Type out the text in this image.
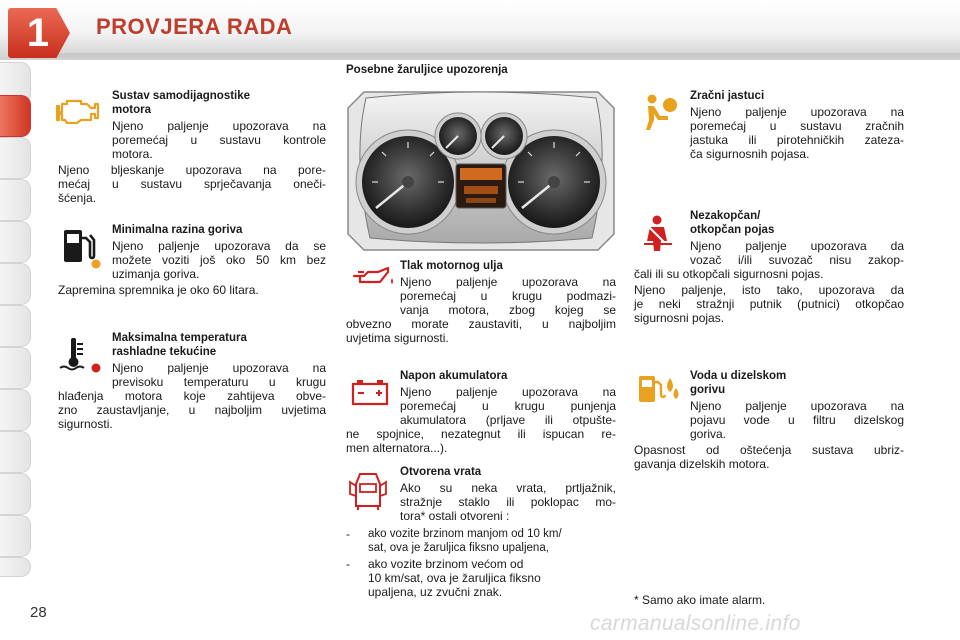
1	PROVJERA RADA
Sustav samodijagnostike
motora
Njeno paljenje upozorava na
poremećaj u sustavu kontrole
motora.
Njeno bljeskanje upozorava na pore-
mećaj u sustavu sprječavanja oneči-
šćenja.
Minimalna razina goriva
Njeno paljenje upozorava da se
možete voziti još oko 50 km bez
uzimanja goriva.
Zapremina spremnika je oko 60 litara.
Maksimalna temperatura
rashladne tekućine
Njeno paljenje upozorava na
previsoku temperaturu u krugu
hlađenja motora koje zahtijeva obve-
zno zaustavljanje, u najboljim uvjetima
sigurnosti.
Posebne žaruljice upozorenja
Tlak motornog ulja
Njeno paljenje upozorava na
poremećaj u krugu podmazi-
vanja motora, zbog kojeg se
obvezno morate zaustaviti, u najboljim
uvjetima sigurnosti.
Napon akumulatora
Njeno paljenje upozorava na
poremećaj u krugu punjenja
akumulatora (prljave ili otpušte-
ne spojnice, nezategnut ili ispucan re-
men alternatora...).
Otvorena vrata
Ako su neka vrata, prtljažnik,
stražnje staklo ili poklopac mo-
tora* ostali otvoreni :
- ako vozite brzinom manjom od 10 km/
sat, ova je žaruljica fiksno upaljena,
- ako vozite brzinom većom od
10 km/sat, ova je žaruljica fiksno
upaljena, uz zvučni znak.
Zračni jastuci
Njeno paljenje upozorava na
poremećaj u sustavu zračnih
jastuka ili pirotehničkih zateza-
ča sigurnosnih pojasa.
Nezakopčan/
otkopčan pojas
Njeno paljenje upozorava da
vozač i/ili suvozač nisu zakop-
čali ili su otkopčali sigurnosni pojas.
Njeno paljenje, isto tako, upozorava da
je neki stražnji putnik (putnici) otkopčao
sigurnosni pojas.
Voda u dizelskom
gorivu
Njeno paljenje upozorava na
pojavu vode u filtru dizelskog
goriva.
Opasnost od oštećenja sustava ubriz-
gavanja dizelskih motora.
* Samo ako imate alarm.
28	carmanualsonline.info
